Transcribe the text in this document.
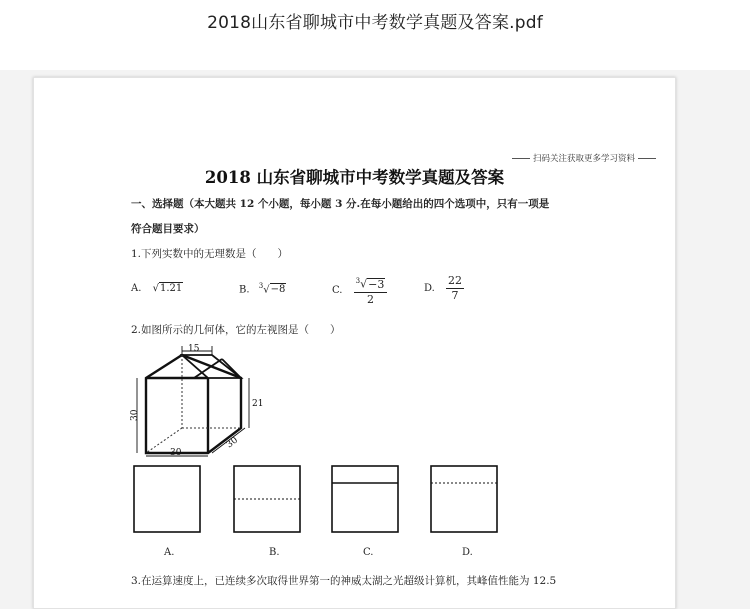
2018山东省聊城市中考数学真题及答案.pdf
扫码关注获取更多学习资料
2018 山东省聊城市中考数学真题及答案
一、选择题（本大题共 12 个小题，每小题 3 分.在每小题给出的四个选项中，只有一项是
符合题目要求）
1.下列实数中的无理数是（　　）
A. √1.21	B. $^3$√−8	C. $\frac{^3√-3}{2}$	D. $\frac{22}{7}$
2.如图所示的几何体，它的左视图是（　　）
15
30
21
30
30
A.	B.	C.	D.
3.在运算速度上，已连续多次取得世界第一的神威太湖之光超级计算机，其峰值性能为 12.5
